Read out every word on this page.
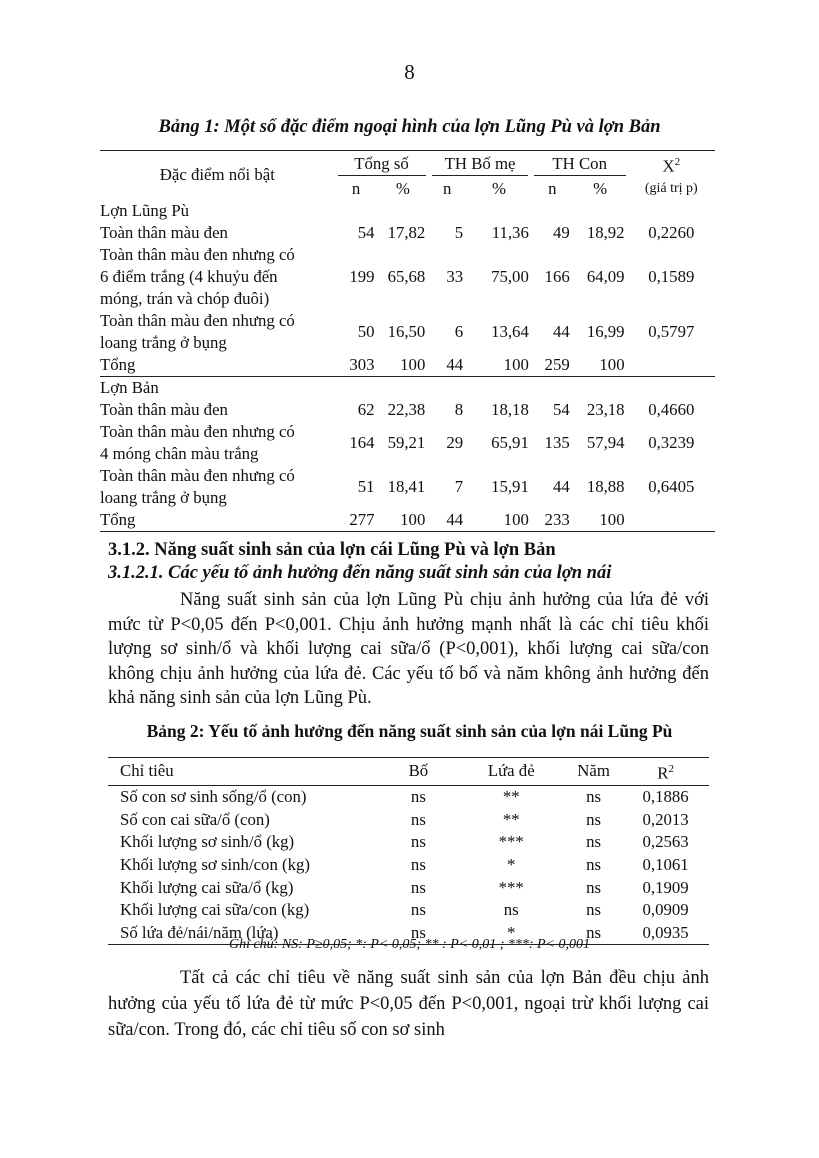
8
Bảng 1: Một số đặc điểm ngoại hình của lợn Lũng Pù và lợn Bản
Đặc điểm nổi bật	Tổng số		TH Bố mẹ		TH Con		$X^2$
	n	%	n	%	n	%	(giá trị p)
Lợn Lũng Pù							

Toàn thân màu đen	54	17,82	5	11,36	49	18,92	0,2260

Toàn thân màu đen nhưng có
6 điểm trắng (4 khuỷu đến
móng, trán và chóp đuôi)	199	65,68	33	75,00	166	64,09	0,1589

Toàn thân màu đen nhưng có
loang trắng ở bụng	50	16,50	6	13,64	44	16,99	0,5797

Tổng	303	100	44	100	259	100	
Lợn Bản							

Toàn thân màu đen	62	22,38	8	18,18	54	23,18	0,4660

Toàn thân màu đen nhưng có
4 móng chân màu trắng	164	59,21	29	65,91	135	57,94	0,3239

Toàn thân màu đen nhưng có
loang trắng ở bụng	51	18,41	7	15,91	44	18,88	0,6405

Tổng	277	100	44	100	233	100	
3.1.2. Năng suất sinh sản của lợn cái Lũng Pù và lợn Bản
3.1.2.1. Các yếu tố ảnh hưởng đến năng suất sinh sản của lợn nái

Năng suất sinh sản của lợn Lũng Pù chịu ảnh hưởng của lứa đẻ với mức từ P<0,05 đến P<0,001. Chịu ảnh hưởng mạnh nhất là các chỉ tiêu khối lượng sơ sinh/ổ và khối lượng cai sữa/ổ (P<0,001), khối lượng cai sữa/con không chịu ảnh hưởng của lứa đẻ. Các yếu tố bố và năm không ảnh hưởng đến khả năng sinh sản của lợn Lũng Pù.

Bảng 2: Yếu tố ảnh hưởng đến năng suất sinh sản của lợn nái Lũng Pù
Chỉ tiêu	Bố	Lứa đẻ	Năm	$R^2$
Số con sơ sinh sống/ổ (con)	ns	**	ns	0,1886
Số con cai sữa/ổ (con)	ns	**	ns	0,2013
Khối lượng sơ sinh/ổ (kg)	ns	***	ns	0,2563
Khối lượng sơ sinh/con (kg)	ns	*	ns	0,1061
Khối lượng cai sữa/ổ (kg)	ns	***	ns	0,1909
Khối lượng cai sữa/con (kg)	ns	ns	ns	0,0909
Số lứa đẻ/nái/năm (lứa)	ns	*	ns	0,0935
Ghi chú: NS: P≥0,05; *: P< 0,05; ** : P< 0,01 ; ***: P< 0,001

Tất cả các chỉ tiêu về năng suất sinh sản của lợn Bản đều chịu ảnh hưởng của yếu tố lứa đẻ từ mức P<0,05 đến P<0,001, ngoại trừ khối lượng cai sữa/con. Trong đó, các chỉ tiêu số con sơ sinh
